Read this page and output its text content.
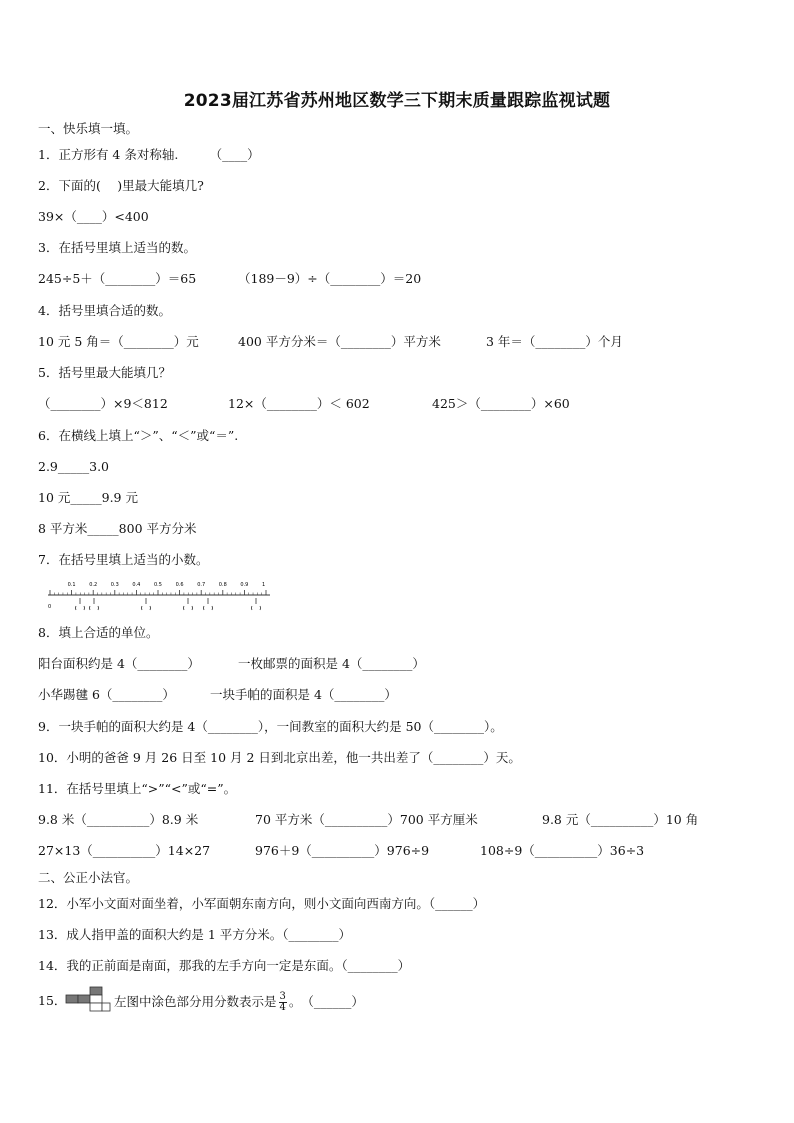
2023届江苏省苏州地区数学三下期末质量跟踪监视试题
一、快乐填一填。
1．正方形有 4 条对称轴.　　　（____）
2．下面的(　 )里最大能填几?
39×（____）<400
3．在括号里填上适当的数。
245÷5＋（________）＝65	（189－9）÷（________）＝20
4．括号里填合适的数。
10 元 5 角＝（________）元	400 平方分米＝（________）平方米	3 年＝（________）个月
5．括号里最大能填几？
（________）×9＜812	12×（________）＜ 602	425＞（________）×60
6．在横线上填上“＞”、“＜”或“＝”.
2.9_____3.0
10 元_____9.9 元
8 平方米_____800 平方分米
7．在括号里填上适当的小数。
0
0.1	0.2	0.3	0.4	0.5	0.6	0.7	0.8	0.9	1
8．填上合适的单位。
阳台面积约是 4（________）	一枚邮票的面积是 4（________）
小华踢毽 6（________）	一块手帕的面积是 4（________）
9．一块手帕的面积大约是 4（________），一间教室的面积大约是 50（________）。
10．小明的爸爸 9 月 26 日至 10 月 2 日到北京出差，他一共出差了（________）天。
11．在括号里填上“>”“<”或“=”。
9.8 米（__________）8.9 米	70 平方米（__________）700 平方厘米	9.8 元（__________）10 角
27×13（__________）14×27	976＋9（__________）976÷9	108÷9（__________）36÷3
二、公正小法官。
12．小军小文面对面坐着，小军面朝东南方向，则小文面向西南方向。（______）
13．成人指甲盖的面积大约是 1 平方分米。（________）
14．我的正前面是南面，那我的左手方向一定是东面。（________）
15．	左图中涂色部分用分数表示是 $\frac{3}{4}$ 。　（______）
